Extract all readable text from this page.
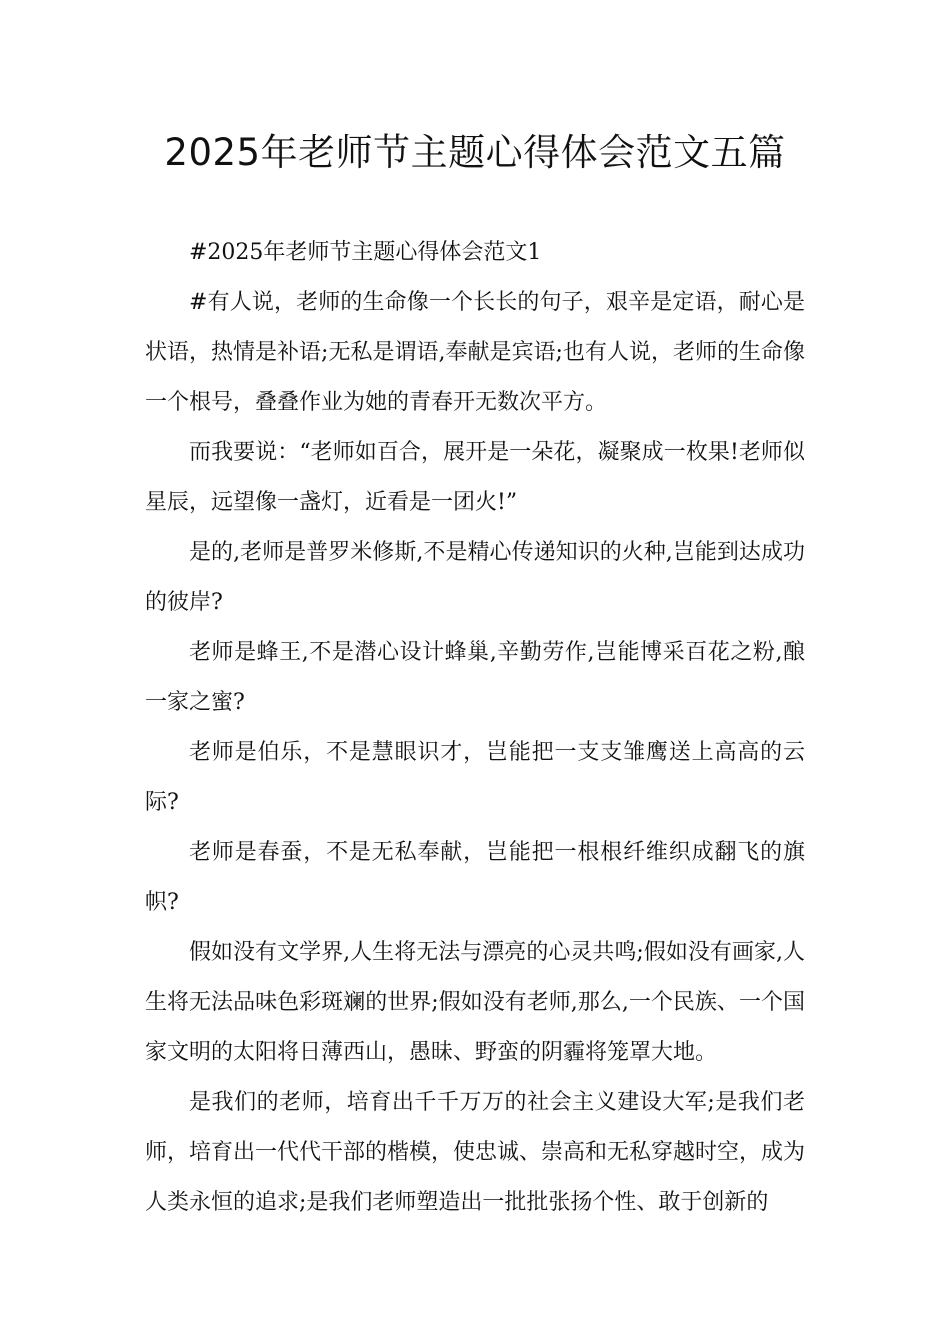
2025年老师节主题心得体会范文五篇

#2025年老师节主题心得体会范文1

#有人说，老师的生命像一个长长的句子，艰辛是定语，耐心是状语，热情是补语;无私是谓语,奉献是宾语;也有人说，老师的生命像一个根号，叠叠作业为她的青春开无数次平方。

而我要说：“老师如百合，展开是一朵花，凝聚成一枚果!老师似星辰，远望像一盏灯，近看是一团火!”

是的,老师是普罗米修斯,不是精心传递知识的火种,岂能到达成功的彼岸?

老师是蜂王,不是潜心设计蜂巢,辛勤劳作,岂能博采百花之粉,酿一家之蜜?

老师是伯乐，不是慧眼识才，岂能把一支支雏鹰送上高高的云际?

老师是春蚕，不是无私奉献，岂能把一根根纤维织成翻飞的旗帜?

假如没有文学界,人生将无法与漂亮的心灵共鸣;假如没有画家,人生将无法品味色彩斑斓的世界;假如没有老师,那么,一个民族、一个国家文明的太阳将日薄西山，愚昧、野蛮的阴霾将笼罩大地。

是我们的老师，培育出千千万万的社会主义建设大军;是我们老师，培育出一代代干部的楷模，使忠诚、崇高和无私穿越时空，成为人类永恒的追求;是我们老师塑造出一批批张扬个性、敢于创新的
